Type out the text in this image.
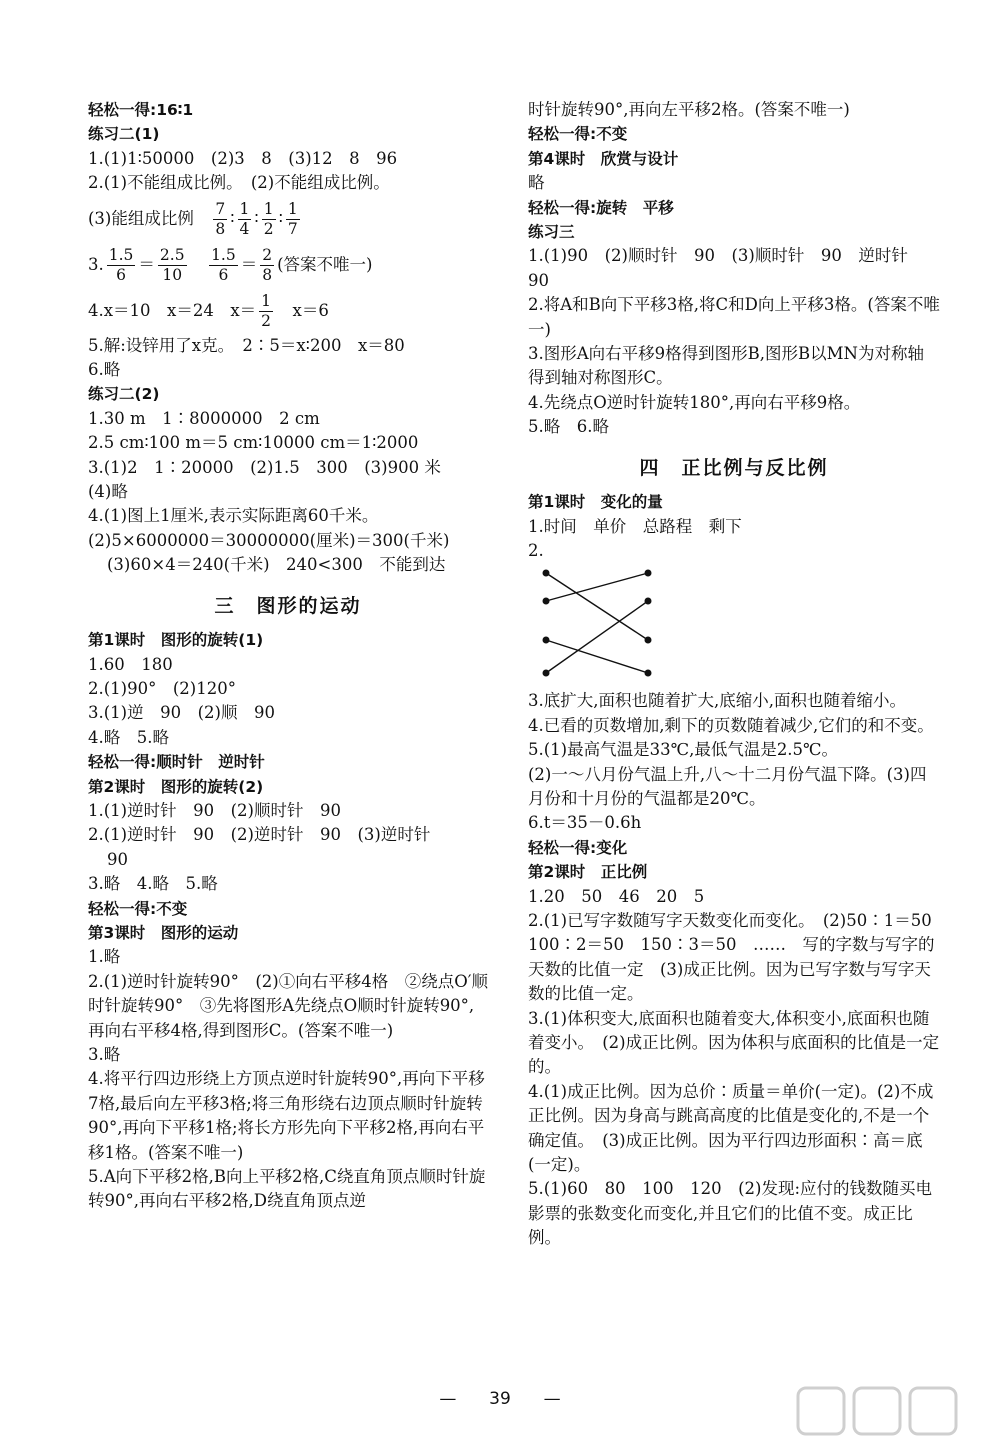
轻松一得:16∶1
练习二(1)
1.(1)1∶50000　(2)3　8　(3)12　8　96
2.(1)不能组成比例。　(2)不能组成比例。
(3)能组成比例　 $\frac{7}{8}$ ∶ $\frac{1}{4}$ ∶ $\frac{1}{2}$ ∶ $\frac{1}{7}$
3. $\frac{1.5}{6} = \frac{2.5}{10}$
　 $\frac{1.5}{6} = \frac{2}{8}$ (答案不唯一)
4.x＝10　x＝24　$x= \frac{1}{2}$ 　x＝6
5.解:设锌用了x克。　2∶5＝x∶200　x＝80
6.略
练习二(2)
1.30 m　1∶8000000　2 cm
2.5 cm∶100 m＝5 cm∶10000 cm＝1∶2000
3.(1)2　1∶20000　(2)1.5　300　(3)900 米
(4)略
4.(1)图上1厘米,表示实际距离60千米。
(2)5×6000000＝30000000(厘米)＝300(千米)
(3)60×4＝240(千米)　240<300　不能到达
三　图形的运动
第1课时　图形的旋转(1)
1.60　180
2.(1)90°　(2)120°
3.(1)逆　90　(2)顺　90
4.略　5.略
轻松一得:顺时针　逆时针
第2课时　图形的旋转(2)
1.(1)逆时针　90　(2)顺时针　90
2.(1)逆时针　90　(2)逆时针　90　(3)逆时针
90
3.略　4.略　5.略
轻松一得:不变
第3课时　图形的运动
1.略
2.(1)逆时针旋转90°　(2)①向右平移4格　②绕点O′顺时针旋转90°　③先将图形A先绕点O顺时针旋转90°,再向右平移4格,得到图形C。(答案不唯一)
3.略
4.将平行四边形绕上方顶点逆时针旋转90°,再向下平移7格,最后向左平移3格;将三角形绕右边顶点顺时针旋转90°,再向下平移1格;将长方形先向下平移2格,再向右平移1格。(答案不唯一)
5.A向下平移2格,B向上平移2格,C绕直角顶点顺时针旋转90°,再向右平移2格,D绕直角顶点逆
时针旋转90°,再向左平移2格。(答案不唯一)
轻松一得:不变
第4课时　欣赏与设计
略
轻松一得:旋转　平移
练习三
1.(1)90　(2)顺时针　90　(3)顺时针　90　逆时针　90
2.将A和B向下平移3格,将C和D向上平移3格。(答案不唯一)
3.图形A向右平移9格得到图形B,图形B以MN为对称轴得到轴对称图形C。
4.先绕点O逆时针旋转180°,再向右平移9格。
5.略　6.略
四　正比例与反比例
第1课时　变化的量
1.时间　单价　总路程　剩下
2.
3.底扩大,面积也随着扩大,底缩小,面积也随着缩小。
4.已看的页数增加,剩下的页数随着减少,它们的和不变。
5.(1)最高气温是33℃,最低气温是2.5℃。
(2)一～八月份气温上升,八～十二月份气温下降。(3)四月份和十月份的气温都是20℃。
6.t＝35－0.6h
轻松一得:变化
第2课时　正比例
1.20　50　46　20　5
2.(1)已写字数随写字天数变化而变化。　(2)50∶1＝50　100∶2＝50　150∶3＝50　……　写的字数与写字的天数的比值一定　(3)成正比例。因为已写字数与写字天数的比值一定。
3.(1)体积变大,底面积也随着变大,体积变小,底面积也随着变小。　(2)成正比例。因为体积与底面积的比值是一定的。
4.(1)成正比例。因为总价∶质量＝单价(一定)。(2)不成正比例。因为身高与跳高高度的比值是变化的,不是一个确定值。　(3)成正比例。因为平行四边形面积∶高＝底(一定)。
5.(1)60　80　100　120　(2)发现:应付的钱数随买电影票的张数变化而变化,并且它们的比值不变。成正比例。
— 39 —
